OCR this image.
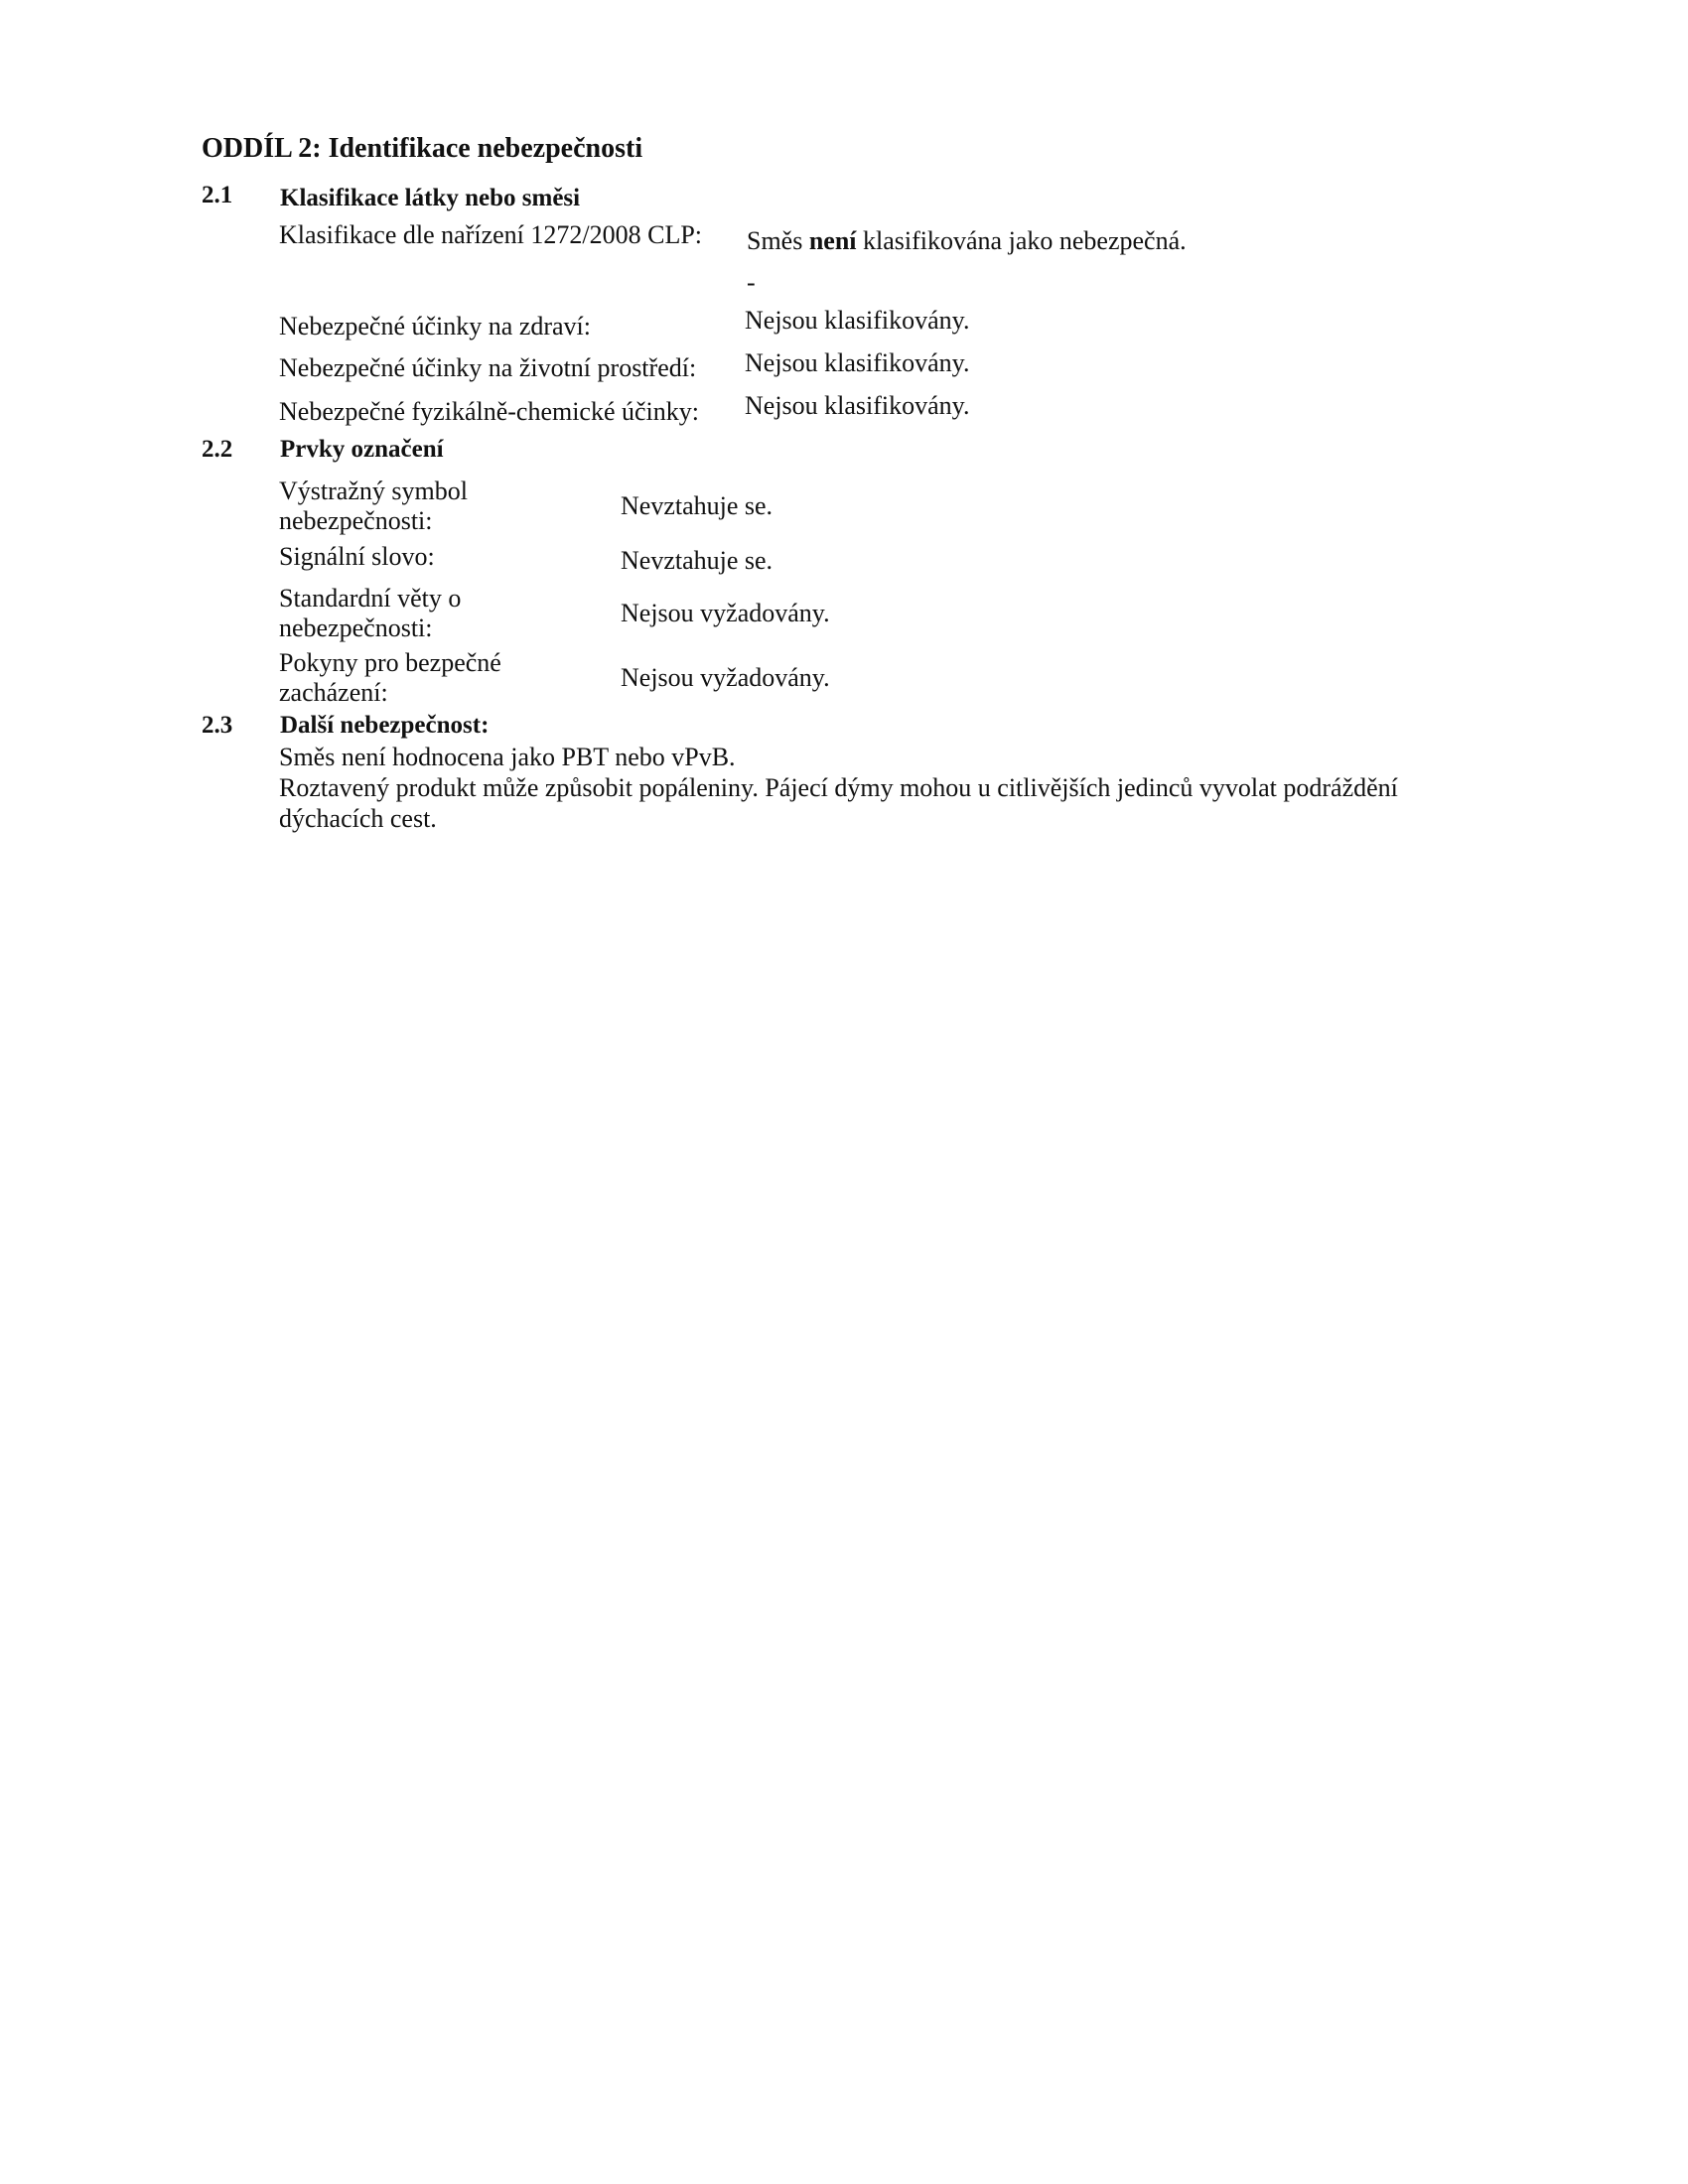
ODDÍL 2: Identifikace nebezpečnosti
2.1 Klasifikace látky nebo směsi
Klasifikace dle nařízení 1272/2008 CLP: Směs není klasifikována jako nebezpečná.
-
Nebezpečné účinky na zdraví:	Nejsou klasifikovány.
Nebezpečné účinky na životní prostředí: Nejsou klasifikovány.
Nebezpečné fyzikálně-chemické účinky: Nejsou klasifikovány.
2.2 Prvky označení
Výstražný symbol
nebezpečnosti:
Nevztahuje se.
Signální slovo:	Nevztahuje se.
Standardní věty o
nebezpečnosti:
Nejsou vyžadovány.
Pokyny pro bezpečné
zacházení:
Nejsou vyžadovány.
2.3 Další nebezpečnost:
Směs není hodnocena jako PBT nebo vPvB.
Roztavený produkt může způsobit popáleniny. Pájecí dýmy mohou u citlivějších jedinců vyvolat podráždění
dýchacích cest.
